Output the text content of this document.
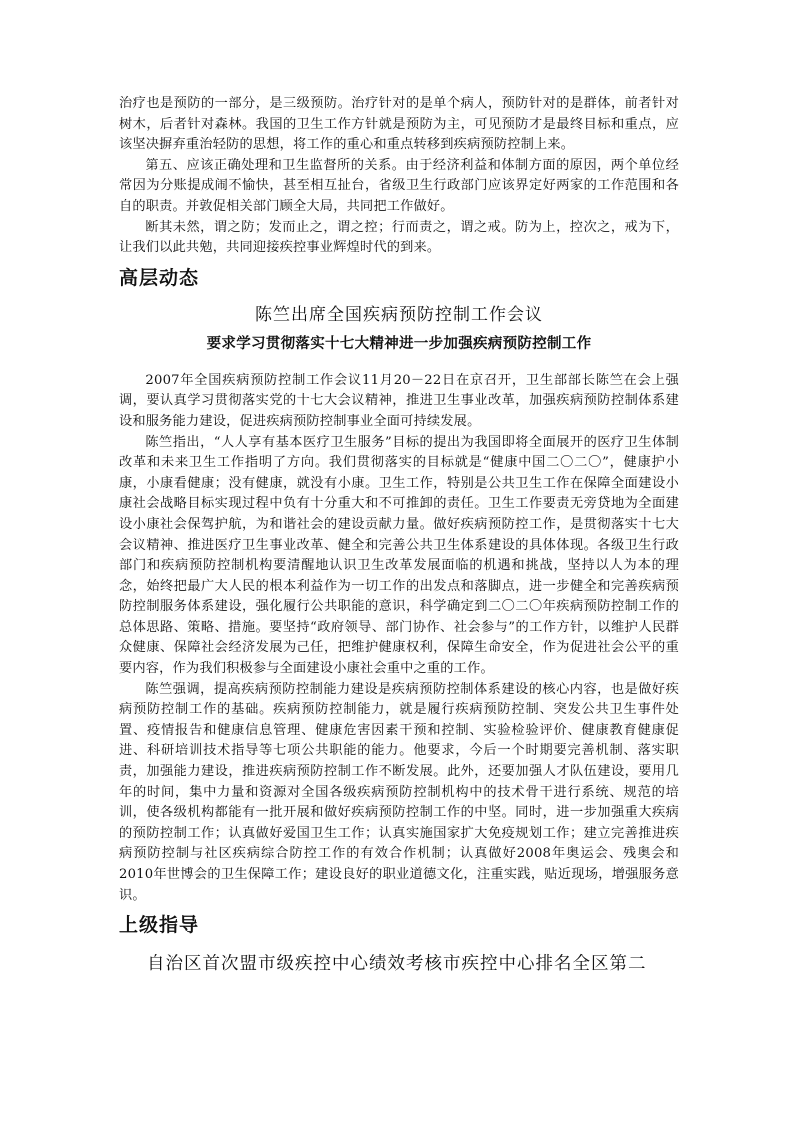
治疗也是预防的一部分，是三级预防。治疗针对的是单个病人，预防针对的是群体，前者针对树木，后者针对森林。我国的卫生工作方针就是预防为主，可见预防才是最终目标和重点，应该坚决摒弃重治轻防的思想，将工作的重心和重点转移到疾病预防控制上来。

第五、应该正确处理和卫生监督所的关系。由于经济利益和体制方面的原因，两个单位经常因为分账提成闹不愉快，甚至相互扯台，省级卫生行政部门应该界定好两家的工作范围和各自的职责。并敦促相关部门顾全大局，共同把工作做好。

断其未然，谓之防；发而止之，谓之控；行而责之，谓之戒。防为上，控次之，戒为下，让我们以此共勉，共同迎接疾控事业辉煌时代的到来。

高层动态
陈竺出席全国疾病预防控制工作会议
要求学习贯彻落实十七大精神进一步加强疾病预防控制工作

2007年全国疾病预防控制工作会议11月20－22日在京召开，卫生部部长陈竺在会上强调，要认真学习贯彻落实党的十七大会议精神，推进卫生事业改革，加强疾病预防控制体系建设和服务能力建设，促进疾病预防控制事业全面可持续发展。

陈竺指出，“人人享有基本医疗卫生服务”目标的提出为我国即将全面展开的医疗卫生体制改革和未来卫生工作指明了方向。我们贯彻落实的目标就是“健康中国二〇二〇”，健康护小康，小康看健康；没有健康，就没有小康。卫生工作，特别是公共卫生工作在保障全面建设小康社会战略目标实现过程中负有十分重大和不可推卸的责任。卫生工作要责无旁贷地为全面建设小康社会保驾护航，为和谐社会的建设贡献力量。做好疾病预防控工作，是贯彻落实十七大会议精神、推进医疗卫生事业改革、健全和完善公共卫生体系建设的具体体现。各级卫生行政部门和疾病预防控制机构要清醒地认识卫生改革发展面临的机遇和挑战，坚持以人为本的理念，始终把最广大人民的根本利益作为一切工作的出发点和落脚点，进一步健全和完善疾病预防控制服务体系建设，强化履行公共职能的意识，科学确定到二〇二〇年疾病预防控制工作的总体思路、策略、措施。要坚持“政府领导、部门协作、社会参与”的工作方针，以维护人民群众健康、保障社会经济发展为己任，把维护健康权利，保障生命安全，作为促进社会公平的重要内容，作为我们积极参与全面建设小康社会重中之重的工作。

陈竺强调，提高疾病预防控制能力建设是疾病预防控制体系建设的核心内容，也是做好疾病预防控制工作的基础。疾病预防控制能力，就是履行疾病预防控制、突发公共卫生事件处置、疫情报告和健康信息管理、健康危害因素干预和控制、实验检验评价、健康教育健康促进、科研培训技术指导等七项公共职能的能力。他要求，今后一个时期要完善机制、落实职责，加强能力建设，推进疾病预防控制工作不断发展。此外，还要加强人才队伍建设，要用几年的时间，集中力量和资源对全国各级疾病预防控制机构中的技术骨干进行系统、规范的培训，使各级机构都能有一批开展和做好疾病预防控制工作的中坚。同时，进一步加强重大疾病的预防控制工作；认真做好爱国卫生工作；认真实施国家扩大免疫规划工作；建立完善推进疾病预防控制与社区疾病综合防控工作的有效合作机制；认真做好2008年奥运会、残奥会和2010年世博会的卫生保障工作；建设良好的职业道德文化，注重实践，贴近现场，增强服务意识。

上级指导
自治区首次盟市级疾控中心绩效考核市疾控中心排名全区第二
